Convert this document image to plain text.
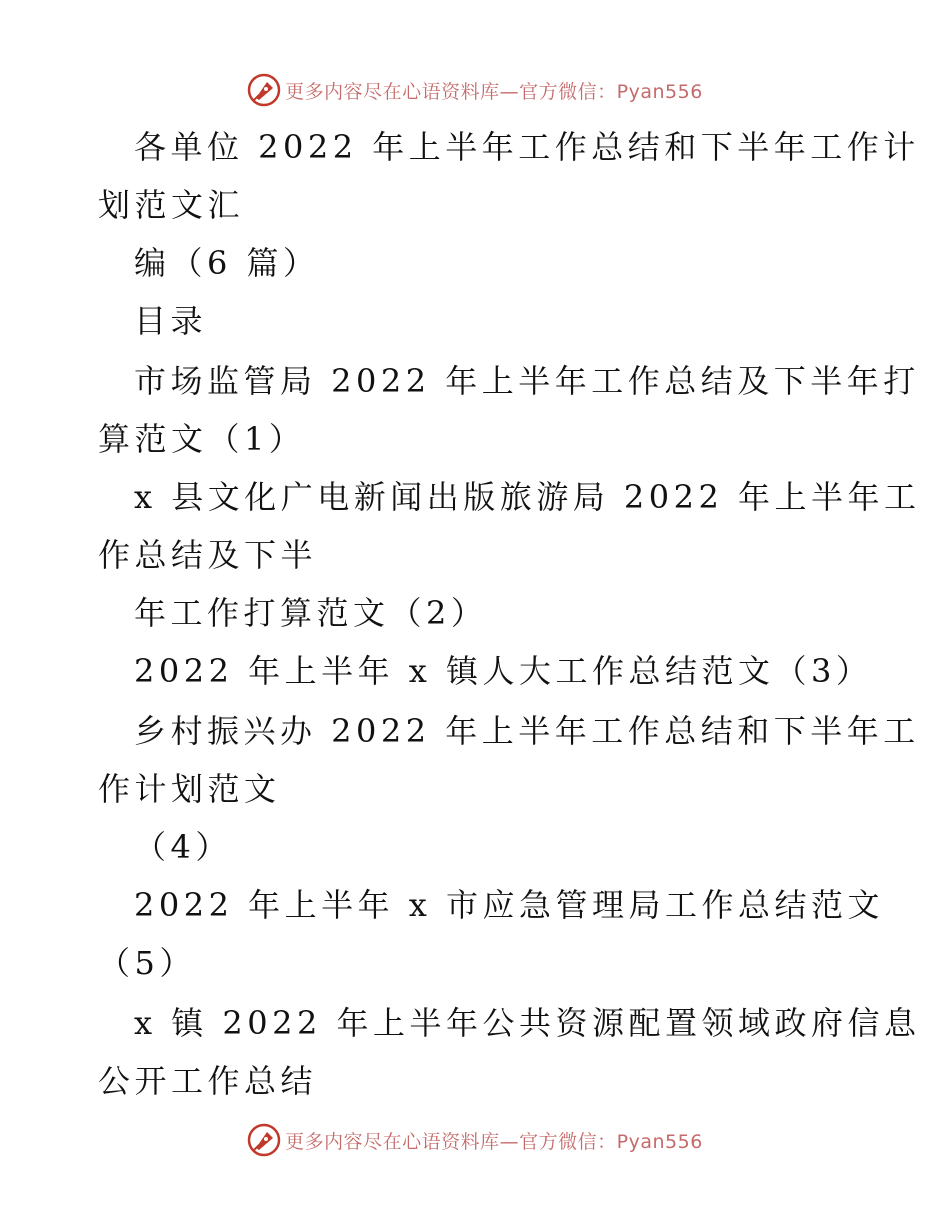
更多内容尽在心语资料库—官方微信：Pyan556
各单位 2022 年上半年工作总结和下半年工作计
划范文汇
编（6 篇）
目录
市场监管局 2022 年上半年工作总结及下半年打
算范文（1）
x 县文化广电新闻出版旅游局 2022 年上半年工
作总结及下半
年工作打算范文（2）
2022 年上半年 x 镇人大工作总结范文（3）
乡村振兴办 2022 年上半年工作总结和下半年工
作计划范文
（4）
2022 年上半年 x 市应急管理局工作总结范文
（5）
x 镇 2022 年上半年公共资源配置领域政府信息
公开工作总结
更多内容尽在心语资料库—官方微信：Pyan556
